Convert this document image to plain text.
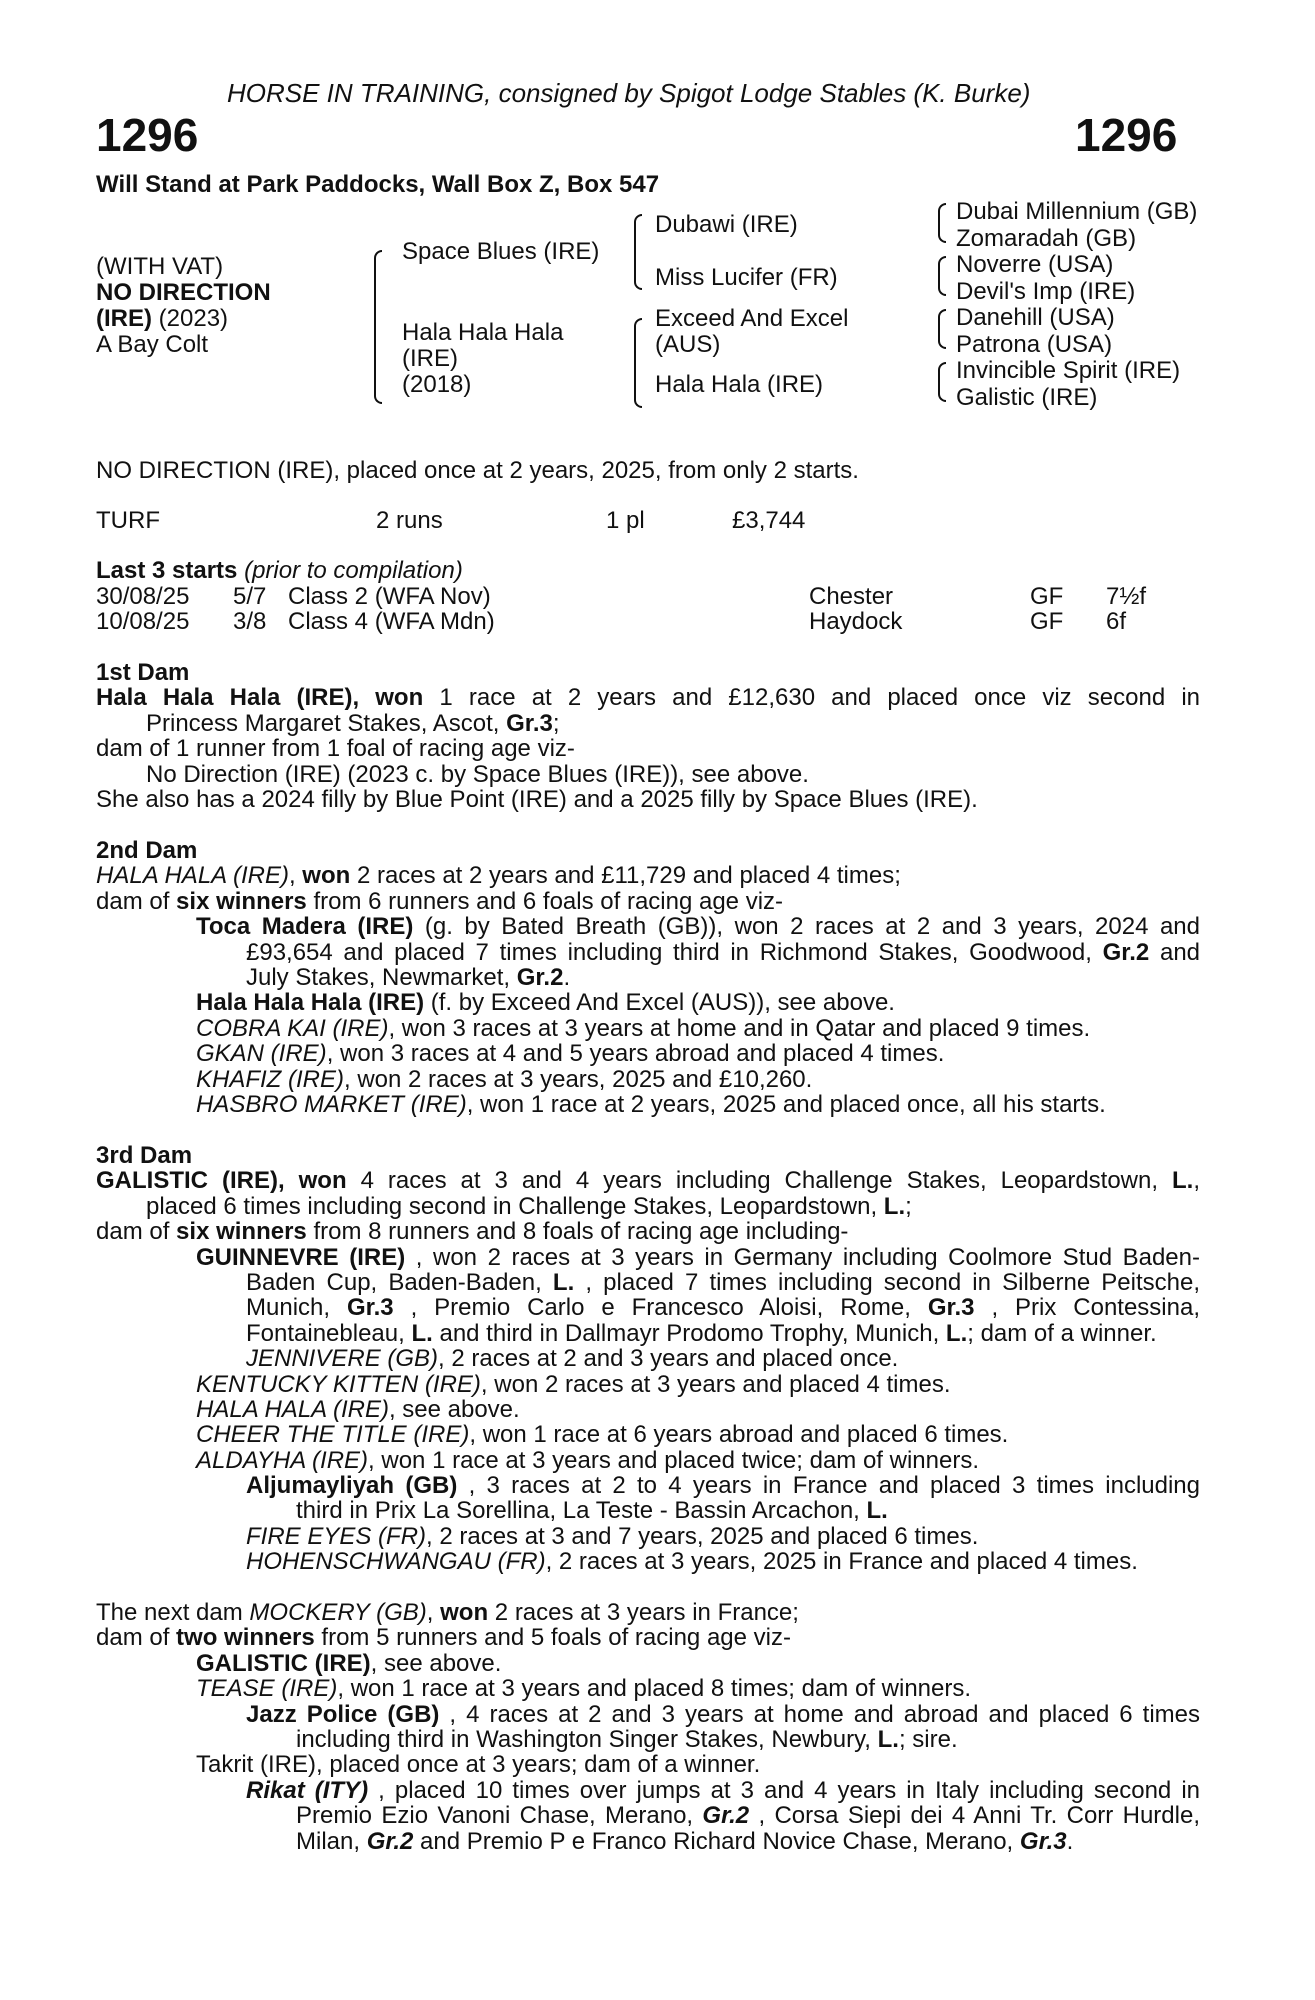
HORSE IN TRAINING, consigned by Spigot Lodge Stables (K. Burke)
1296	1296
Will Stand at Park Paddocks, Wall Box Z, Box 547
(WITH VAT)
NO DIRECTION
(IRE) (2023)
A Bay Colt
Space Blues (IRE)
Hala Hala Hala
(IRE)
(2018)
Dubawi (IRE)
Miss Lucifer (FR)
Exceed And Excel
(AUS)
Hala Hala (IRE)
Dubai Millennium (GB)
Zomaradah (GB)
Noverre (USA)
Devil's Imp (IRE)
Danehill (USA)
Patrona (USA)
Invincible Spirit (IRE)
Galistic (IRE)
NO DIRECTION (IRE), placed once at 2 years, 2025, from only 2 starts.
TURF	2 runs	1 pl	£3,744
Last 3 starts (prior to compilation)
30/08/25 5/7 Class 2 (WFA Nov)	Chester	GF 7½f
10/08/25 3/8 Class 4 (WFA Mdn)	Haydock	GF 6f
1st Dam
Hala Hala Hala (IRE), won 1 race at 2 years and £12,630 and placed once viz second in
Princess Margaret Stakes, Ascot, Gr.3;
dam of 1 runner from 1 foal of racing age viz-
No Direction (IRE) (2023 c. by Space Blues (IRE)), see above.
She also has a 2024 filly by Blue Point (IRE) and a 2025 filly by Space Blues (IRE).
2nd Dam
HALA HALA (IRE), won 2 races at 2 years and £11,729 and placed 4 times;
dam of six winners from 6 runners and 6 foals of racing age viz-
Toca Madera (IRE) (g. by Bated Breath (GB)), won 2 races at 2 and 3 years, 2024 and
£93,654 and placed 7 times including third in Richmond Stakes, Goodwood, Gr.2 and
July Stakes, Newmarket, Gr.2.
Hala Hala Hala (IRE) (f. by Exceed And Excel (AUS)), see above.
COBRA KAI (IRE), won 3 races at 3 years at home and in Qatar and placed 9 times.
GKAN (IRE), won 3 races at 4 and 5 years abroad and placed 4 times.
KHAFIZ (IRE), won 2 races at 3 years, 2025 and £10,260.
HASBRO MARKET (IRE), won 1 race at 2 years, 2025 and placed once, all his starts.
3rd Dam
GALISTIC (IRE), won 4 races at 3 and 4 years including Challenge Stakes, Leopardstown, L.,
placed 6 times including second in Challenge Stakes, Leopardstown, L.;
dam of six winners from 8 runners and 8 foals of racing age including-
GUINNEVRE (IRE) , won 2 races at 3 years in Germany including Coolmore Stud Baden-
Baden Cup, Baden-Baden, L. , placed 7 times including second in Silberne Peitsche,
Munich, Gr.3 , Premio Carlo e Francesco Aloisi, Rome, Gr.3 , Prix Contessina,
Fontainebleau, L. and third in Dallmayr Prodomo Trophy, Munich, L.; dam of a winner.
JENNIVERE (GB), 2 races at 2 and 3 years and placed once.
KENTUCKY KITTEN (IRE), won 2 races at 3 years and placed 4 times.
HALA HALA (IRE), see above.
CHEER THE TITLE (IRE), won 1 race at 6 years abroad and placed 6 times.
ALDAYHA (IRE), won 1 race at 3 years and placed twice; dam of winners.
Aljumayliyah (GB) , 3 races at 2 to 4 years in France and placed 3 times including
third in Prix La Sorellina, La Teste - Bassin Arcachon, L.
FIRE EYES (FR), 2 races at 3 and 7 years, 2025 and placed 6 times.
HOHENSCHWANGAU (FR), 2 races at 3 years, 2025 in France and placed 4 times.
The next dam MOCKERY (GB), won 2 races at 3 years in France;
dam of two winners from 5 runners and 5 foals of racing age viz-
GALISTIC (IRE), see above.
TEASE (IRE), won 1 race at 3 years and placed 8 times; dam of winners.
Jazz Police (GB) , 4 races at 2 and 3 years at home and abroad and placed 6 times
including third in Washington Singer Stakes, Newbury, L.; sire.
Takrit (IRE), placed once at 3 years; dam of a winner.
Rikat (ITY) , placed 10 times over jumps at 3 and 4 years in Italy including second in
Premio Ezio Vanoni Chase, Merano, Gr.2 , Corsa Siepi dei 4 Anni Tr. Corr Hurdle,
Milan, Gr.2 and Premio P e Franco Richard Novice Chase, Merano, Gr.3.
